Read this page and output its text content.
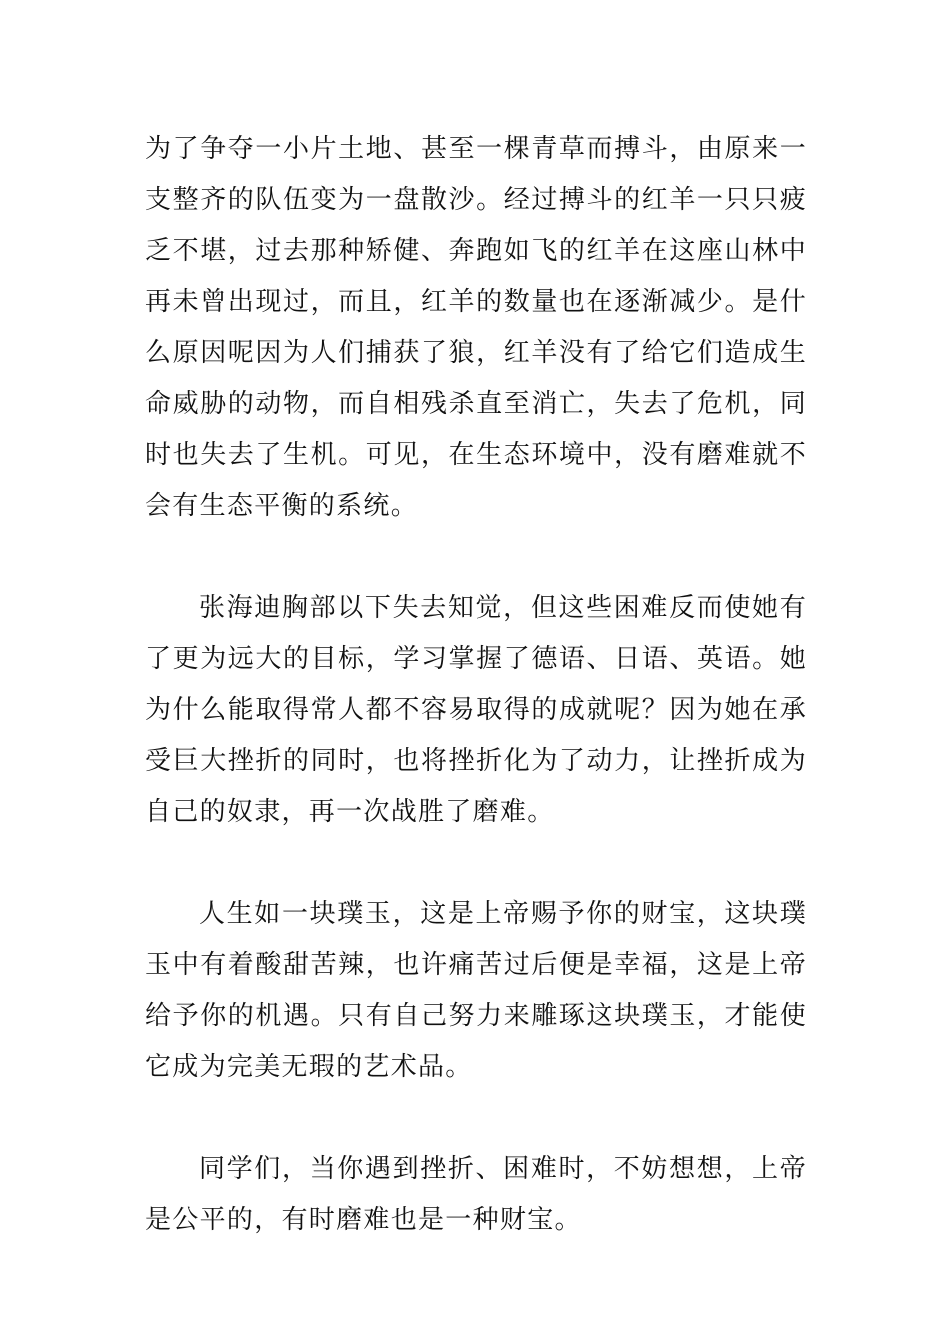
为了争夺一小片土地、甚至一棵青草而搏斗，由原来一支整齐的队伍变为一盘散沙。经过搏斗的红羊一只只疲乏不堪，过去那种矫健、奔跑如飞的红羊在这座山林中再未曾出现过，而且，红羊的数量也在逐渐减少。是什么原因呢因为人们捕获了狼，红羊没有了给它们造成生命威胁的动物，而自相残杀直至消亡，失去了危机，同时也失去了生机。可见，在生态环境中，没有磨难就不会有生态平衡的系统。

张海迪胸部以下失去知觉，但这些困难反而使她有了更为远大的目标，学习掌握了德语、日语、英语。她为什么能取得常人都不容易取得的成就呢？因为她在承受巨大挫折的同时，也将挫折化为了动力，让挫折成为自己的奴隶，再一次战胜了磨难。

人生如一块璞玉，这是上帝赐予你的财宝，这块璞玉中有着酸甜苦辣，也许痛苦过后便是幸福，这是上帝给予你的机遇。只有自己努力来雕琢这块璞玉，才能使它成为完美无瑕的艺术品。

同学们，当你遇到挫折、困难时，不妨想想，上帝是公平的，有时磨难也是一种财宝。
